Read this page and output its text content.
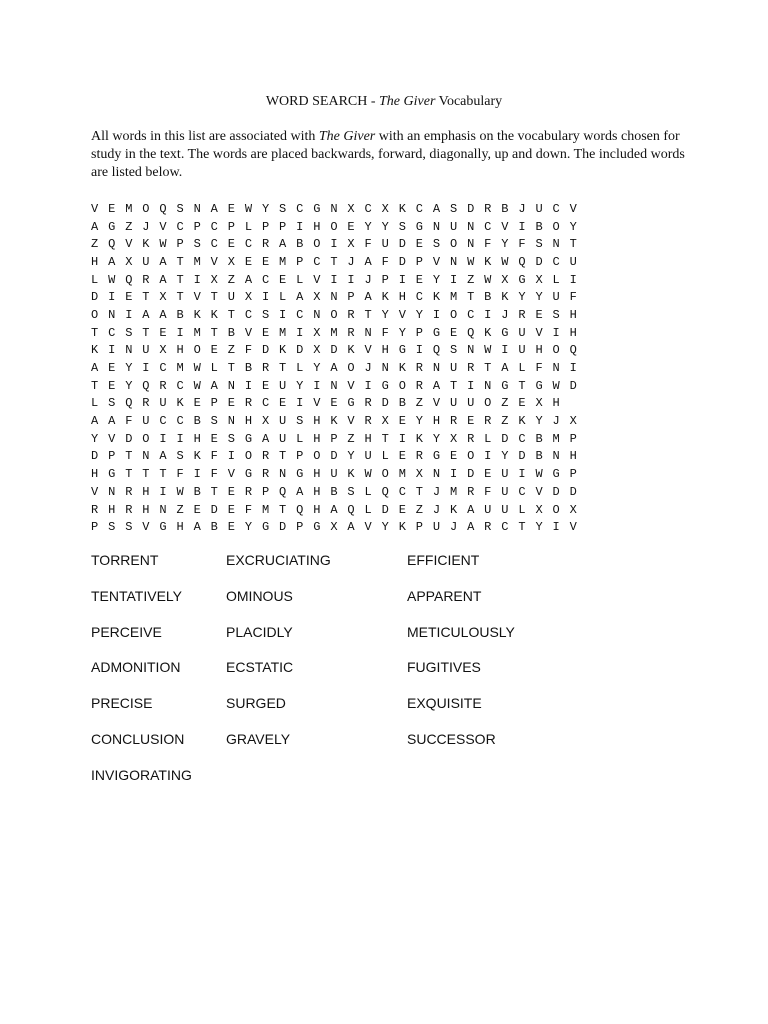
WORD SEARCH - The Giver Vocabulary
All words in this list are associated with The Giver with an emphasis on the vocabulary words chosen for study in the text. The words are placed backwards, forward, diagonally, up and down. The included words are listed below.
V E M O Q S N A E W Y S C G N X C X K C A S D R B J U C V
A G Z J V C P C P L P P I H O E Y Y S G N U N C V I B O Y
Z Q V K W P S C E C R A B O I X F U D E S O N F Y F S N T
H A X U A T M V X E E M P C T J A F D P V N W K W Q D C U
L W Q R A T I X Z A C E L V I I J P I E Y I Z W X G X L I
D I E T X T V T U X I L A X N P A K H C K M T B K Y Y U F
O N I A A B K K T C S I C N O R T Y V Y I O C I J R E S H
T C S T E I M T B V E M I X M R N F Y P G E Q K G U V I H
K I N U X H O E Z F D K D X D K V H G I Q S N W I U H O Q
A E Y I C M W L T B R T L Y A O J N K R N U R T A L F N I
T E Y Q R C W A N I E U Y I N V I G O R A T I N G T G W D
L S Q R U K E P E R C E I V E G R D B Z V U U O Z E X H
A A F U C C B S N H X U S H K V R X E Y H R E R Z K Y J X
Y V D O I I H E S G A U L H P Z H T I K Y X R L D C B M P
D P T N A S K F I O R T P O D Y U L E R G E O I Y D B N H
H G T T T F I F V G R N G H U K W O M X N I D E U I W G P
V N R H I W B T E R P Q A H B S L Q C T J M R F U C V D D
R H R H N Z E D E F M T Q H A Q L D E Z J K A U U L X O X
P S S V G H A B E Y G D P G X A V Y K P U J A R C T Y I V
TORRENT	EXCRUCIATING	EFFICIENT
TENTATIVELY	OMINOUS	APPARENT
PERCEIVE	PLACIDLY	METICULOUSLY
ADMONITION	ECSTATIC	FUGITIVES
PRECISE	SURGED	EXQUISITE
CONCLUSION	GRAVELY	SUCCESSOR
INVIGORATING
